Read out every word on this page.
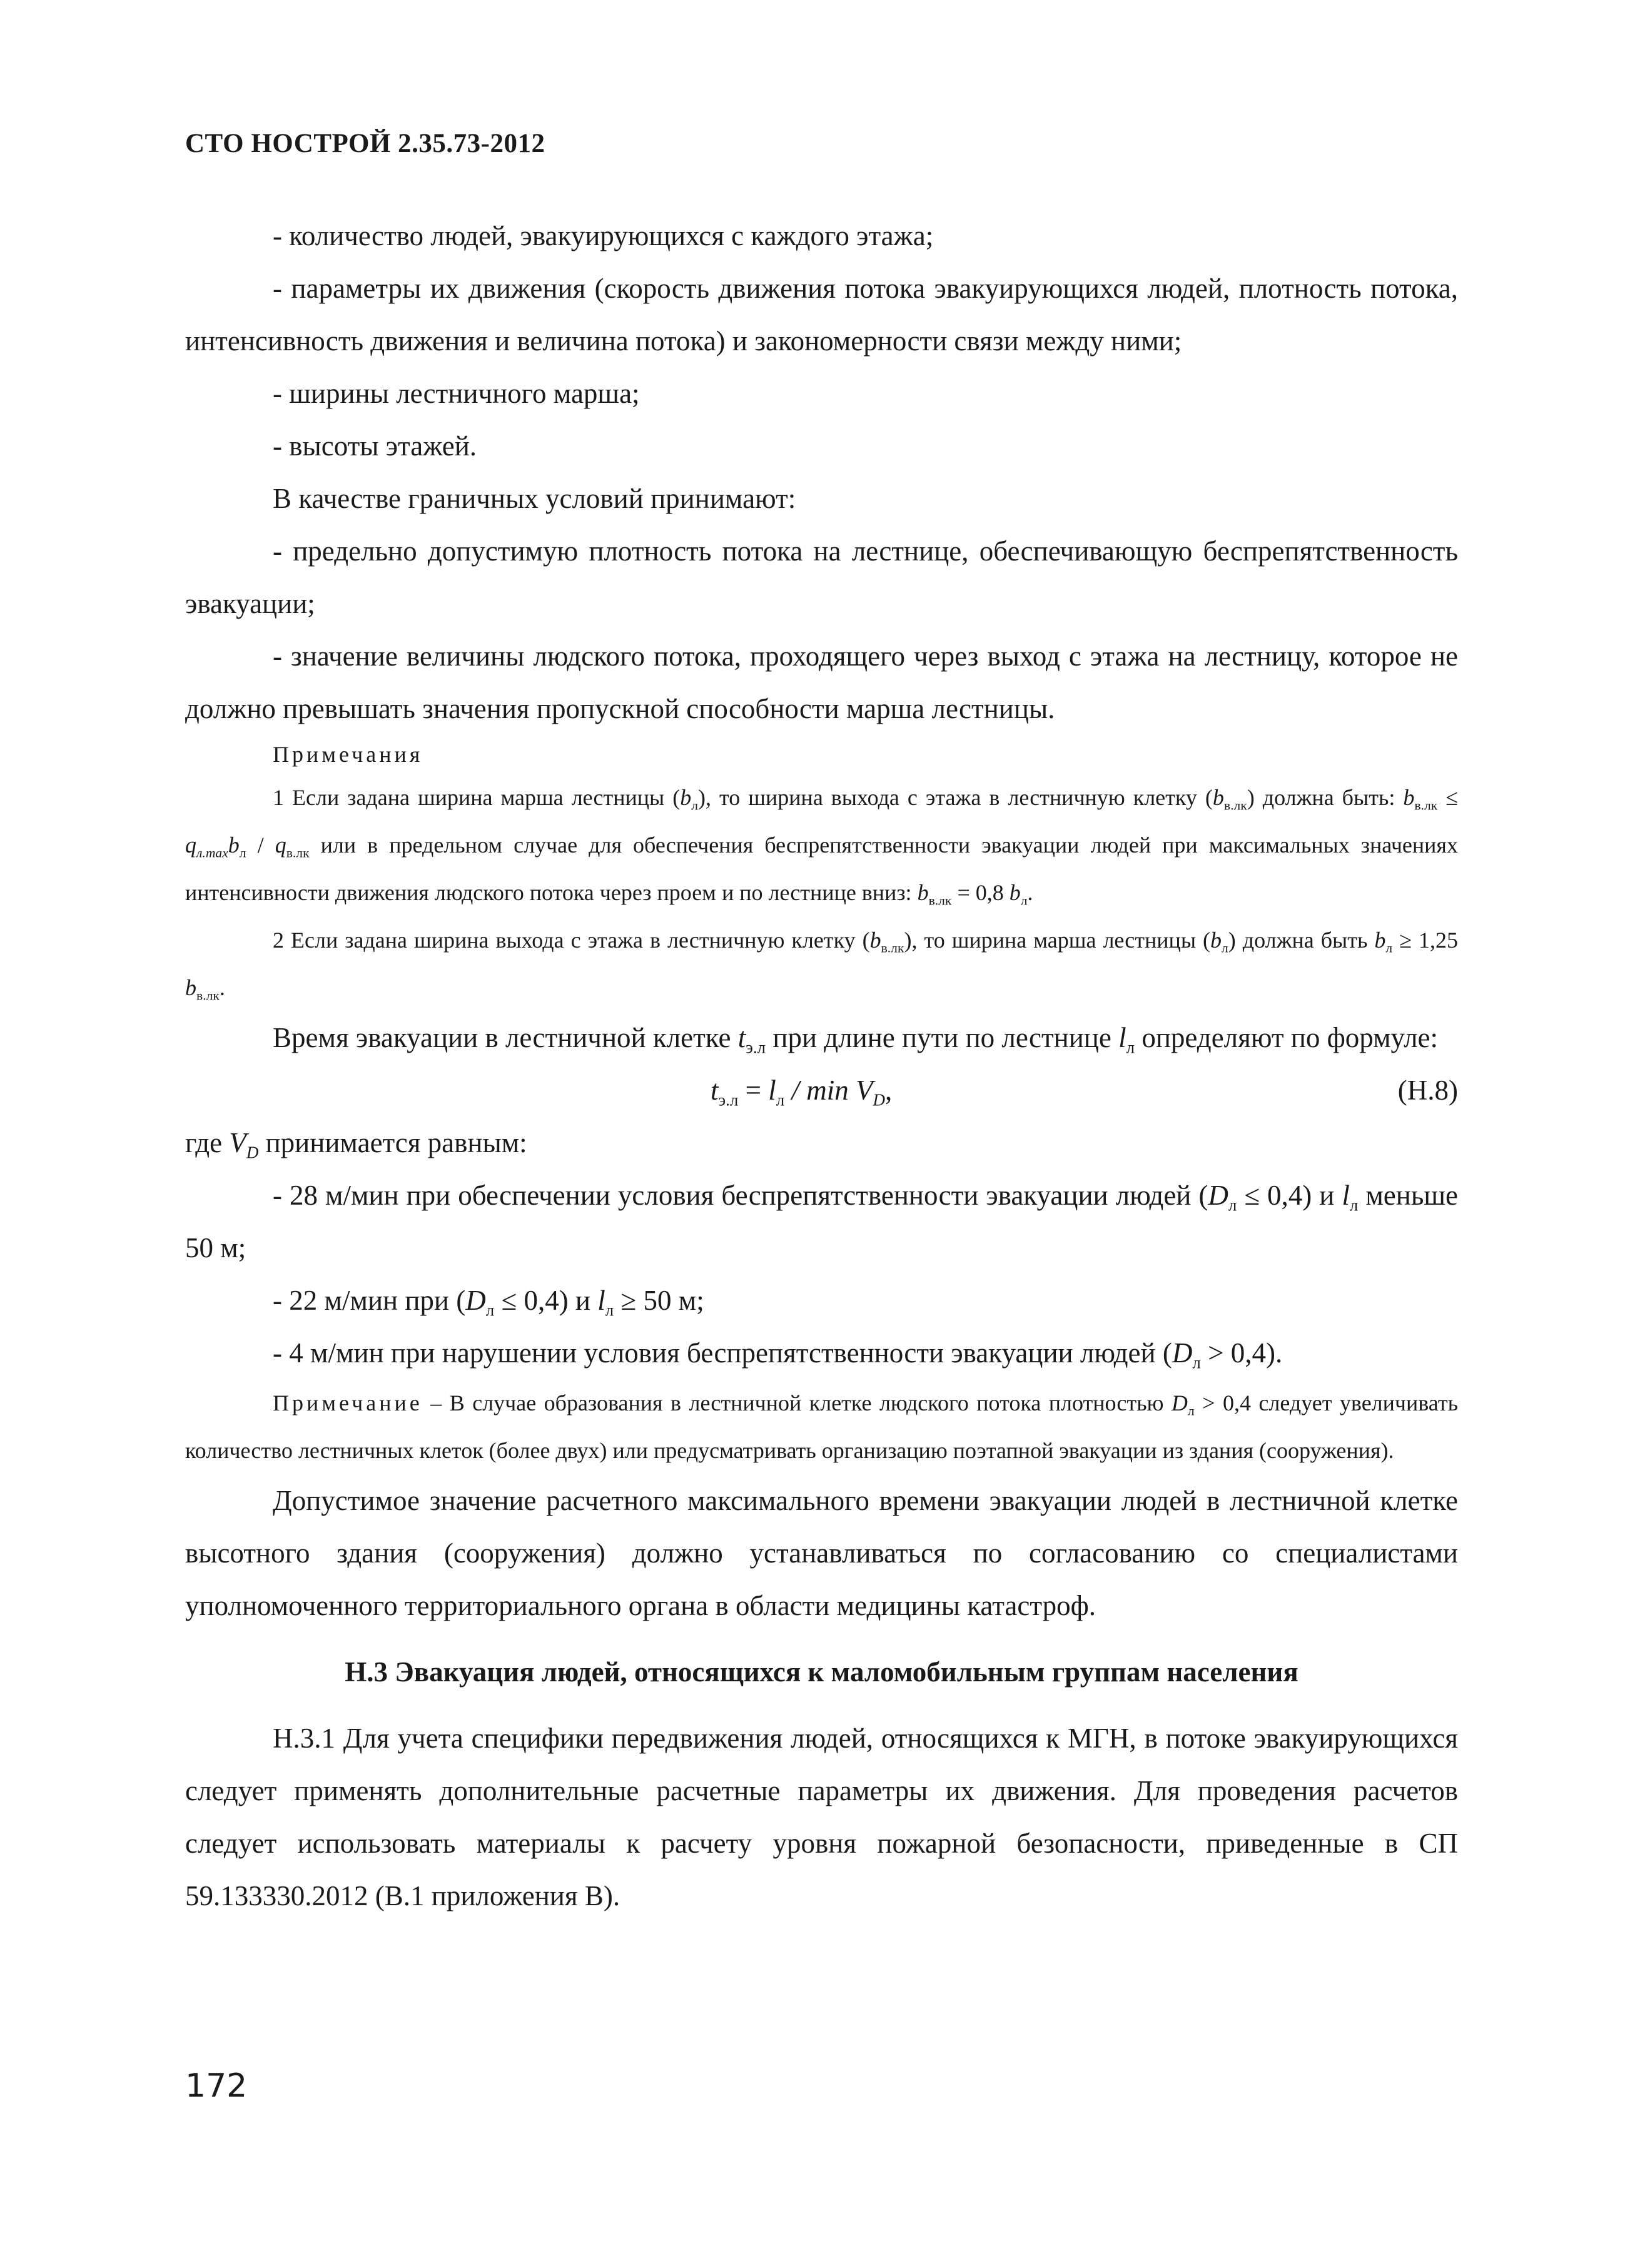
СТО НОСТРОЙ 2.35.73-2012

- количество людей, эвакуирующихся с каждого этажа;

- параметры их движения (скорость движения потока эвакуирующихся людей, плотность потока, интенсивность движения и величина потока) и закономерности связи между ними;

- ширины лестничного марша;

- высоты этажей.

В качестве граничных условий принимают:

- предельно допустимую плотность потока на лестнице, обеспечивающую беспрепятственность эвакуации;

- значение величины людского потока, проходящего через выход с этажа на лестницу, которое не должно превышать значения пропускной способности марша лестницы.

Примечания

1 Если задана ширина марша лестницы $(b_л)$, то ширина выхода с этажа в лестничную клетку $(b_{в.лк})$ должна быть: $b_{в.лк} \le q_{л.max}b_л / q_{в.лк}$ или в предельном случае для обеспечения беспрепятственности эвакуации людей при максимальных значениях интенсивности движения людского потока через проем и по лестнице вниз: $b_{в.лк} = 0,8$ $b_л$.

2 Если задана ширина выхода с этажа в лестничную клетку $(b_{в.лк})$, то ширина марша лестницы $(b_л)$ должна быть $b_л \ge 1,25$ $b_{в.лк}$.

Время эвакуации в лестничной клетке $t_{э.л}$ при длине пути по лестнице $l_л$ определяют по формуле:

$t_{э.л} = l_л / \min V_D$,	(Н.8)

где $V_D$ принимается равным:

- 28 м/мин при обеспечении условия беспрепятственности эвакуации людей $(D_л \le 0,4)$ и $l_л$ меньше 50 м;

- 22 м/мин при $(D_л \le 0,4)$ и $l_л \ge 50$ м;

- 4 м/мин при нарушении условия беспрепятственности эвакуации людей $(D_л > 0,4)$.

Примечание – В случае образования в лестничной клетке людского потока плотностью $D_л > 0,4$ следует увеличивать количество лестничных клеток (более двух) или предусматривать организацию поэтапной эвакуации из здания (сооружения).

Допустимое значение расчетного максимального времени эвакуации людей в лестничной клетке высотного здания (сооружения) должно устанавливаться по согласованию со специалистами уполномоченного территориального органа в области медицины катастроф.

Н.3 Эвакуация людей, относящихся к маломобильным группам населения

Н.3.1 Для учета специфики передвижения людей, относящихся к МГН, в потоке эвакуирующихся следует применять дополнительные расчетные параметры их движения. Для проведения расчетов следует использовать материалы к расчету уровня пожарной безопасности, приведенные в СП 59.133330.2012 (В.1 приложения В).

172
